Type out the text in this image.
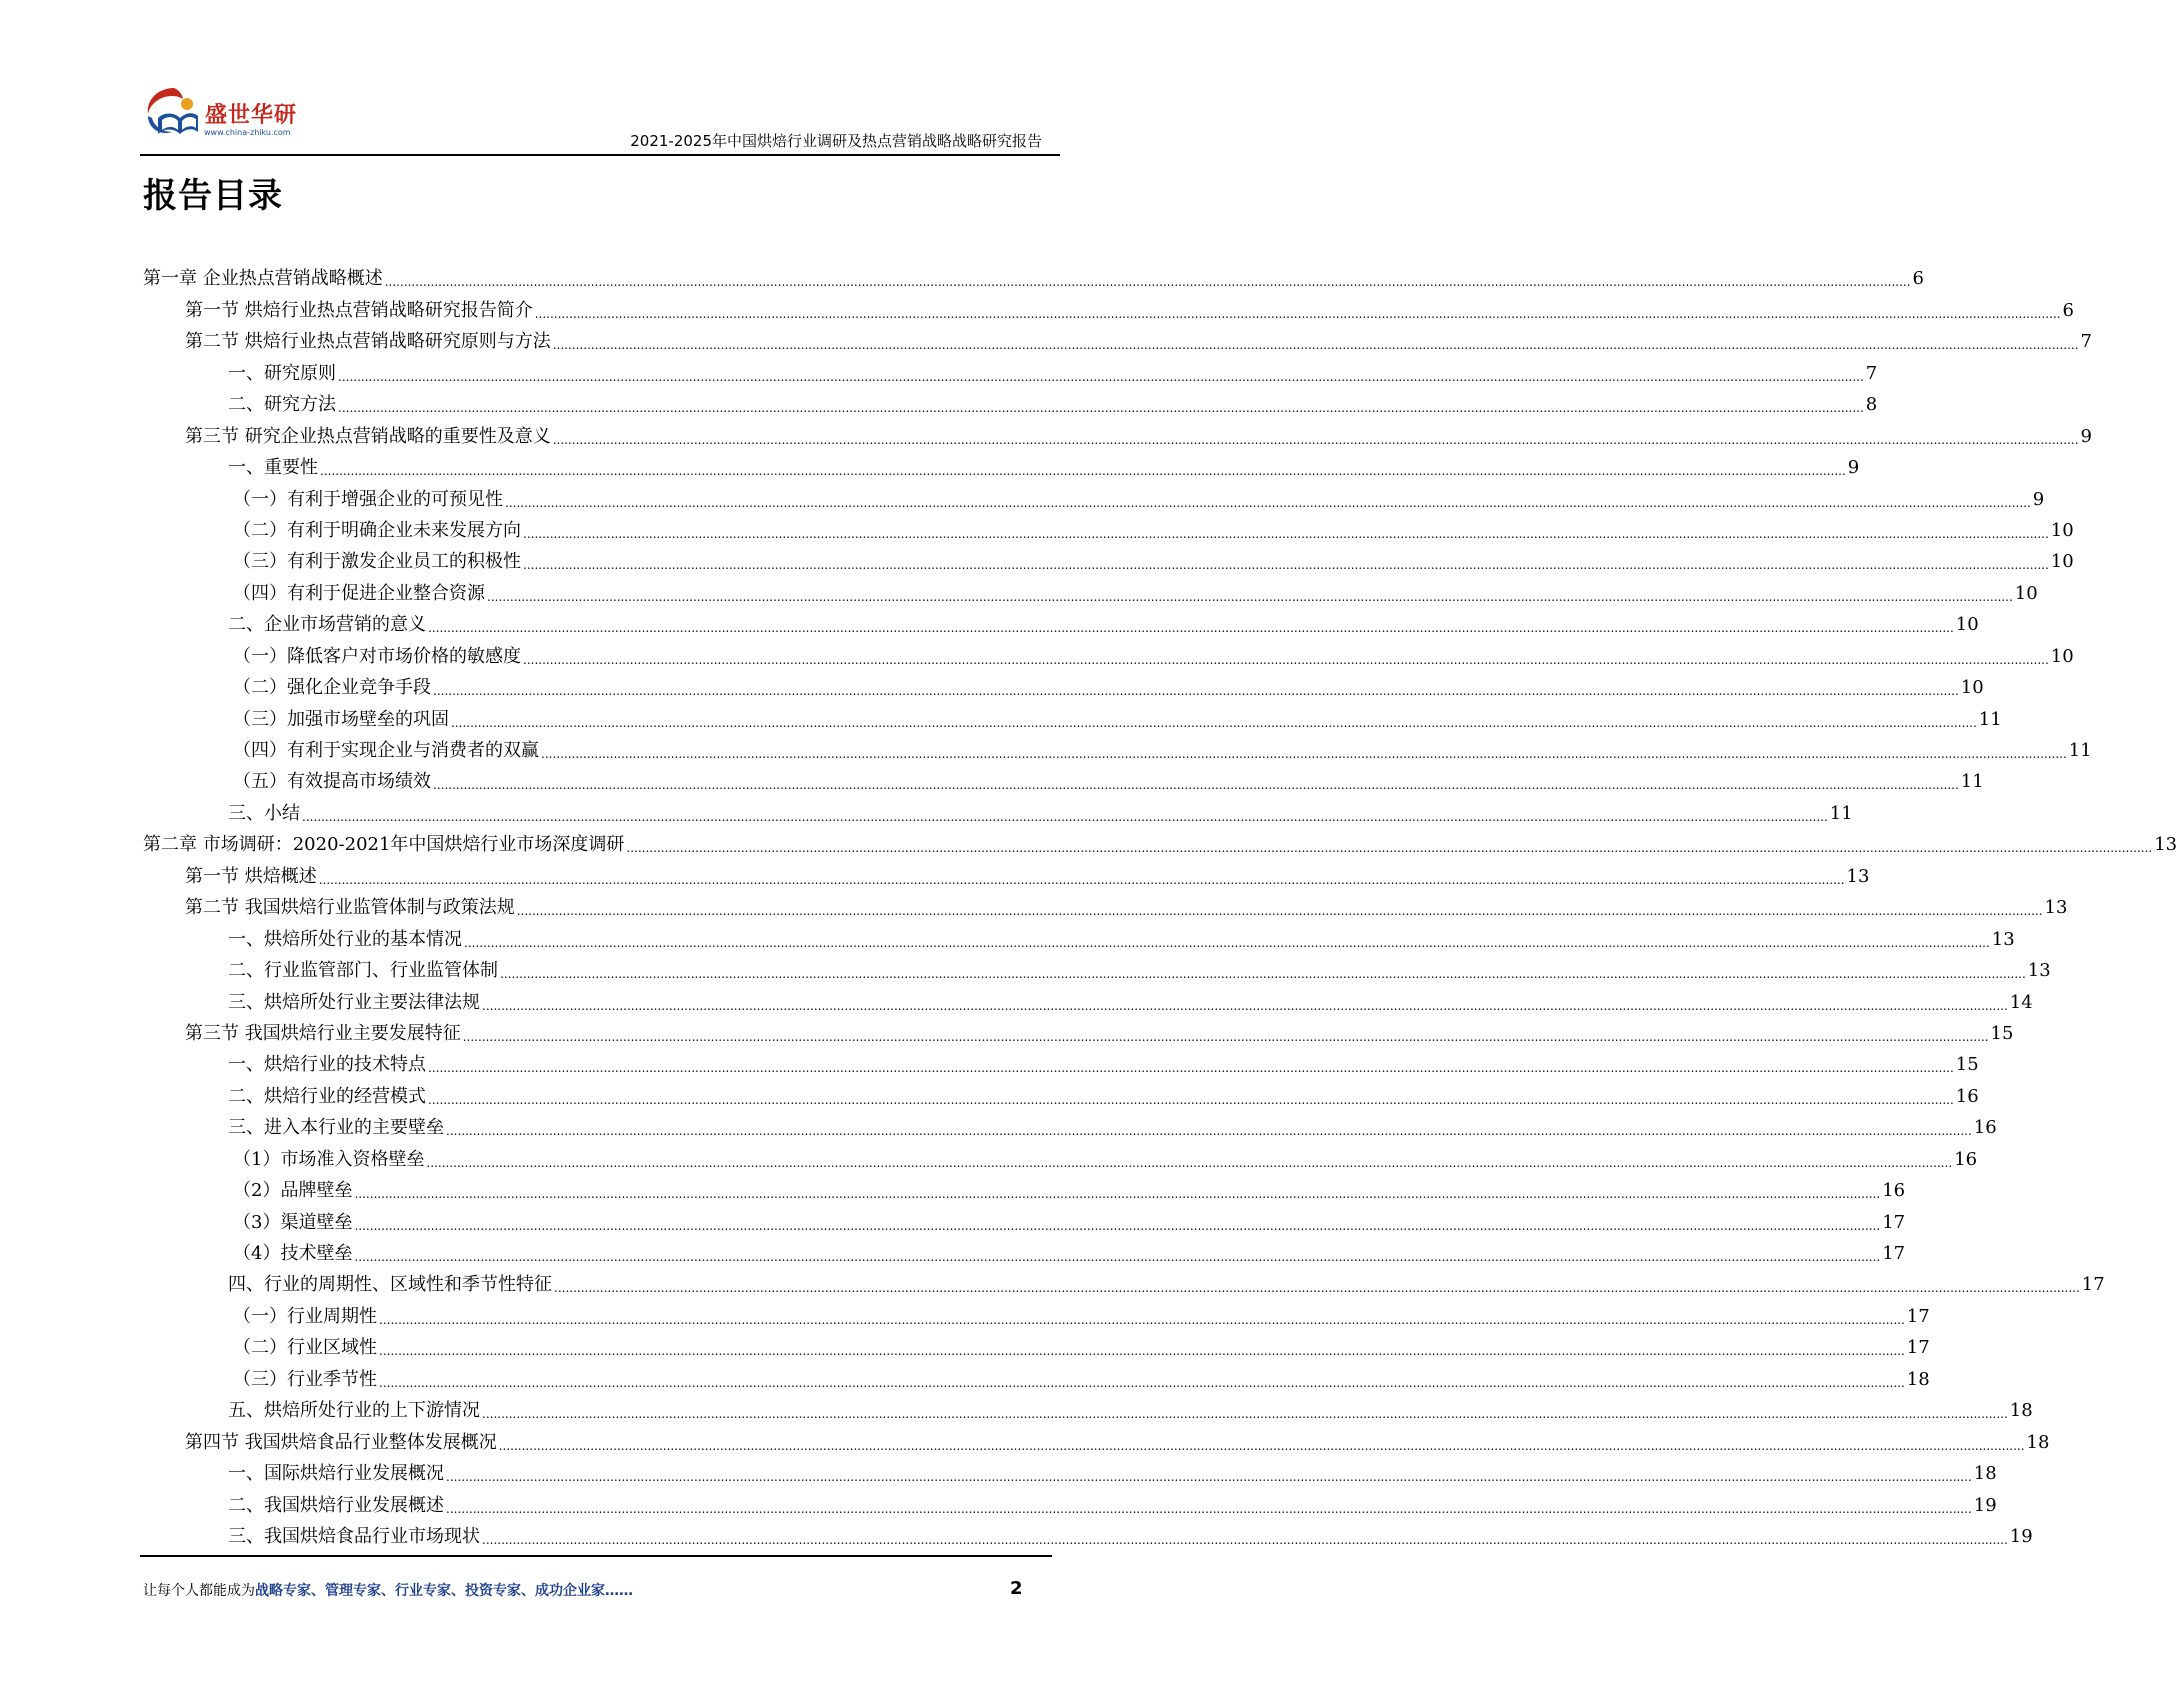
盛世华研
www.china-zhiku.com	2021-2025年中国烘焙行业调研及热点营销战略战略研究报告
报告目录
第一章 企业热点营销战略概述 ................................................................................................................................................................................................................................................................................................................................................................................................................ 6
第一节 烘焙行业热点营销战略研究报告简介 ................................................................................................................................................................................................................................................................................................................................................................................................................ 6
第二节 烘焙行业热点营销战略研究原则与方法 ................................................................................................................................................................................................................................................................................................................................................................................................................ 7
一、研究原则 ................................................................................................................................................................................................................................................................................................................................................................................................................ 7
二、研究方法 ................................................................................................................................................................................................................................................................................................................................................................................................................ 8
第三节 研究企业热点营销战略的重要性及意义 ................................................................................................................................................................................................................................................................................................................................................................................................................ 9
一、重要性 ................................................................................................................................................................................................................................................................................................................................................................................................................ 9
（一）有利于增强企业的可预见性 ................................................................................................................................................................................................................................................................................................................................................................................................................ 9
（二）有利于明确企业未来发展方向 ................................................................................................................................................................................................................................................................................................................................................................................................................ 10
（三）有利于激发企业员工的积极性 ................................................................................................................................................................................................................................................................................................................................................................................................................ 10
（四）有利于促进企业整合资源 ................................................................................................................................................................................................................................................................................................................................................................................................................ 10
二、企业市场营销的意义 ................................................................................................................................................................................................................................................................................................................................................................................................................ 10
（一）降低客户对市场价格的敏感度 ................................................................................................................................................................................................................................................................................................................................................................................................................ 10
（二）强化企业竞争手段 ................................................................................................................................................................................................................................................................................................................................................................................................................ 10
（三）加强市场壁垒的巩固 ................................................................................................................................................................................................................................................................................................................................................................................................................ 11
（四）有利于实现企业与消费者的双赢 ................................................................................................................................................................................................................................................................................................................................................................................................................ 11
（五）有效提高市场绩效 ................................................................................................................................................................................................................................................................................................................................................................................................................ 11
三、小结 ................................................................................................................................................................................................................................................................................................................................................................................................................ 11
第二章 市场调研：2020-2021年中国烘焙行业市场深度调研 ................................................................................................................................................................................................................................................................................................................................................................................................................ 13
第一节 烘焙概述 ................................................................................................................................................................................................................................................................................................................................................................................................................ 13
第二节 我国烘焙行业监管体制与政策法规 ................................................................................................................................................................................................................................................................................................................................................................................................................ 13
一、烘焙所处行业的基本情况 ................................................................................................................................................................................................................................................................................................................................................................................................................ 13
二、行业监管部门、行业监管体制 ................................................................................................................................................................................................................................................................................................................................................................................................................ 13
三、烘焙所处行业主要法律法规 ................................................................................................................................................................................................................................................................................................................................................................................................................ 14
第三节 我国烘焙行业主要发展特征 ................................................................................................................................................................................................................................................................................................................................................................................................................ 15
一、烘焙行业的技术特点 ................................................................................................................................................................................................................................................................................................................................................................................................................ 15
二、烘焙行业的经营模式 ................................................................................................................................................................................................................................................................................................................................................................................................................ 16
三、进入本行业的主要壁垒 ................................................................................................................................................................................................................................................................................................................................................................................................................ 16
（1）市场准入资格壁垒 ................................................................................................................................................................................................................................................................................................................................................................................................................ 16
（2）品牌壁垒 ................................................................................................................................................................................................................................................................................................................................................................................................................ 16
（3）渠道壁垒 ................................................................................................................................................................................................................................................................................................................................................................................................................ 17
（4）技术壁垒 ................................................................................................................................................................................................................................................................................................................................................................................................................ 17
四、行业的周期性、区域性和季节性特征 ................................................................................................................................................................................................................................................................................................................................................................................................................ 17
（一）行业周期性 ................................................................................................................................................................................................................................................................................................................................................................................................................ 17
（二）行业区域性 ................................................................................................................................................................................................................................................................................................................................................................................................................ 17
（三）行业季节性 ................................................................................................................................................................................................................................................................................................................................................................................................................ 18
五、烘焙所处行业的上下游情况 ................................................................................................................................................................................................................................................................................................................................................................................................................ 18
第四节 我国烘焙食品行业整体发展概况 ................................................................................................................................................................................................................................................................................................................................................................................................................ 18
一、国际烘焙行业发展概况 ................................................................................................................................................................................................................................................................................................................................................................................................................ 18
二、我国烘焙行业发展概述 ................................................................................................................................................................................................................................................................................................................................................................................................................ 19
三、我国烘焙食品行业市场现状 ................................................................................................................................................................................................................................................................................................................................................................................................................ 19
让每个人都能成为战略专家、管理专家、行业专家、投资专家、成功企业家……	2
